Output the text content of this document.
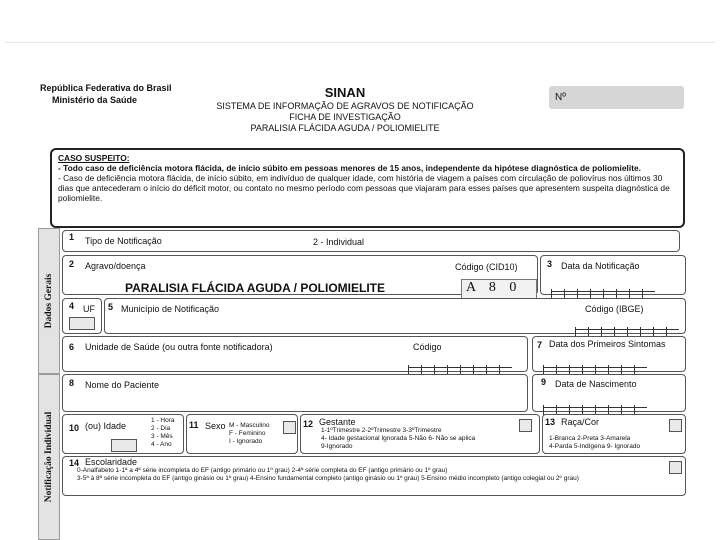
República Federativa do Brasil
Ministério da Saúde	SINAN
SISTEMA DE INFORMAÇÃO DE AGRAVOS DE NOTIFICAÇÃO
FICHA DE INVESTIGAÇÃO
PARALISIA FLÁCIDA AGUDA / POLIOMIELITE
Nº
CASO SUSPEITO:
- Todo caso de deficiência motora flácida, de início súbito em pessoas menores de 15 anos, independente da hipótese diagnóstica de poliomielite.
- Caso de deficiência motora flácida, de início súbito, em indivíduo de qualquer idade, com história de viagem a países com circulação de poliovírus nos últimos 30 dias que antecederam o início do déficit motor, ou contato no mesmo período com pessoas que viajaram para esses países que apresentem suspeita diagnóstica de poliomielite.
Dados Gerais
Notificação Individual
1 Tipo de Notificação	2 - Individual
2 Agravo/doença
PARALISIA FLÁCIDA AGUDA / POLIOMIELITE
Código (CID10)
A 8 0
3 Data da Notificação
4 UF 5 Município de Notificação	Código (IBGE)
6 Unidade de Saúde (ou outra fonte notificadora)	Código	7 Data dos Primeiros Sintomas
8 Nome do Paciente	9 Data de Nascimento
10 (ou) Idade
1 - Hora
2 - Dia
3 - Mês
4 - Ano
11 Sexo M - Masculino
F - Feminino
I - Ignorado
12 Gestante
1-1ºTrimestre 2-2ºTrimestre 3-3ºTrimestre
4- Idade gestacional Ignorada 5-Não 6- Não se aplica
9-Ignorado
13 Raça/Cor
1-Branca 2-Preta 3-Amarela
4-Parda 5-Indígena 9- Ignorado
14 Escolaridade
0-Analfabeto 1-1ª a 4ª série incompleta do EF (antigo primário ou 1º grau) 2-4ª série completa do EF (antigo primário ou 1º grau)
3-5ª à 8ª série incompleta do EF (antigo ginásio ou 1º grau) 4-Ensino fundamental completo (antigo ginásio ou 1º grau) 5-Ensino médio incompleto (antigo colegial ou 2º grau)
